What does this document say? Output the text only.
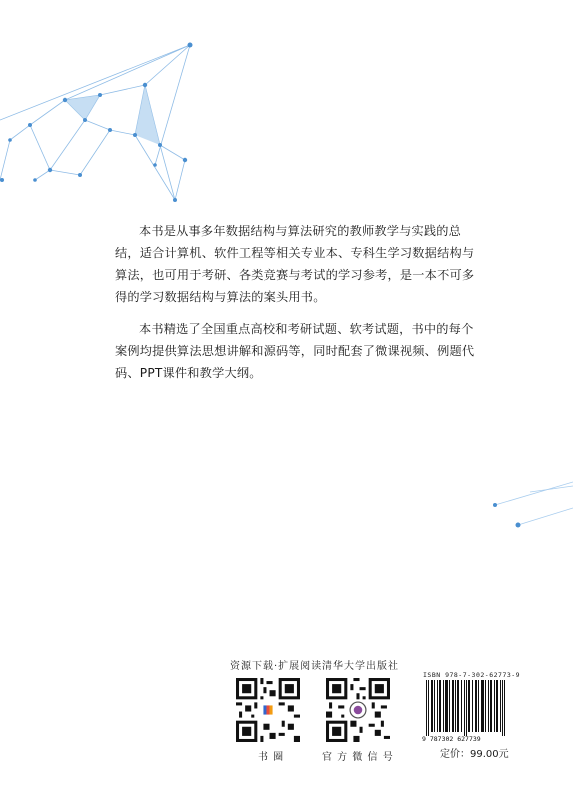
本书是从事多年数据结构与算法研究的教师教学与实践的总结，适合计算机、软件工程等相关专业本、专科生学习数据结构与算法，也可用于考研、各类竞赛与考试的学习参考，是一本不可多得的学习数据结构与算法的案头用书。

本书精选了全国重点高校和考研试题、软考试题，书中的每个案例均提供算法思想讲解和源码等，同时配套了微课视频、例题代码、PPT课件和教学大纲。

资源下载·扩展阅读
书 圈
清华大学出版社
官 方 微 信 号
ISBN 978-7-302-62773-9
9 787302 627739
定价：99.00元
